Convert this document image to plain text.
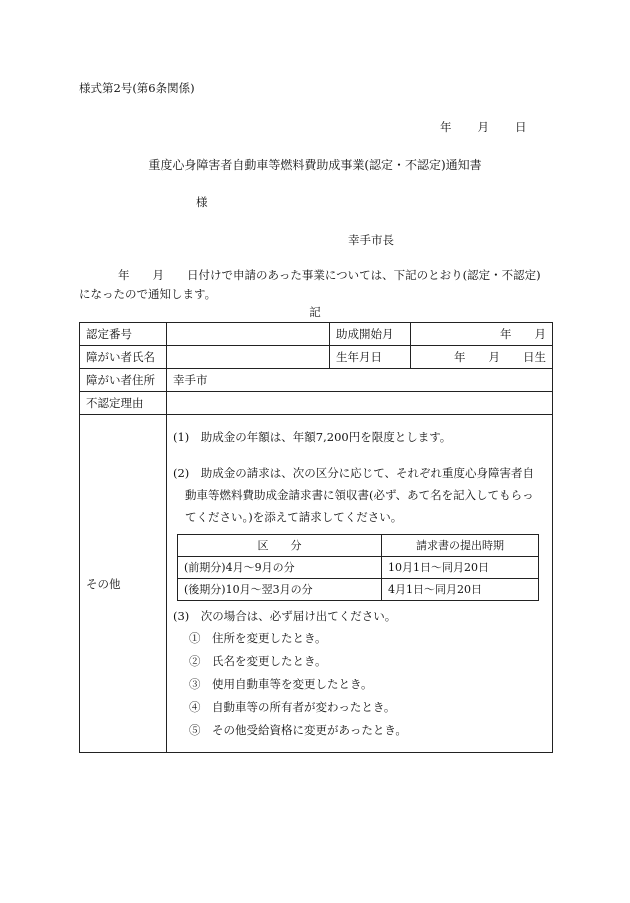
様式第2号(第6条関係)
年 月 日
重度心身障害者自動車等燃料費助成事業(認定・不認定)通知書
様
幸手市長
年　　月　　日付けで申請のあった事業については、下記のとおり(認定・不認定)
になったので通知します。
記
認定番号		助成開始月	年　　月
障がい者氏名		生年月日	年　　月　　日生
障がい者住所	幸手市
不認定理由	
その他	
(1)　助成金の年額は、年額7,200円を限度とします。
(2)　助成金の請求は、次の区分に応じて、それぞれ重度心身障害者自
動車等燃料費助成金請求書に領収書(必ず、あて名を記入してもらっ
てください。)を添えて請求してください。
区　　分	請求書の提出時期
(前期分)4月～9月の分	10月1日～同月20日
(後期分)10月～翌3月の分	4月1日～同月20日
(3)　次の場合は、必ず届け出てください。
①　住所を変更したとき。
②　氏名を変更したとき。
③　使用自動車等を変更したとき。
④　自動車等の所有者が変わったとき。
⑤　その他受給資格に変更があったとき。
